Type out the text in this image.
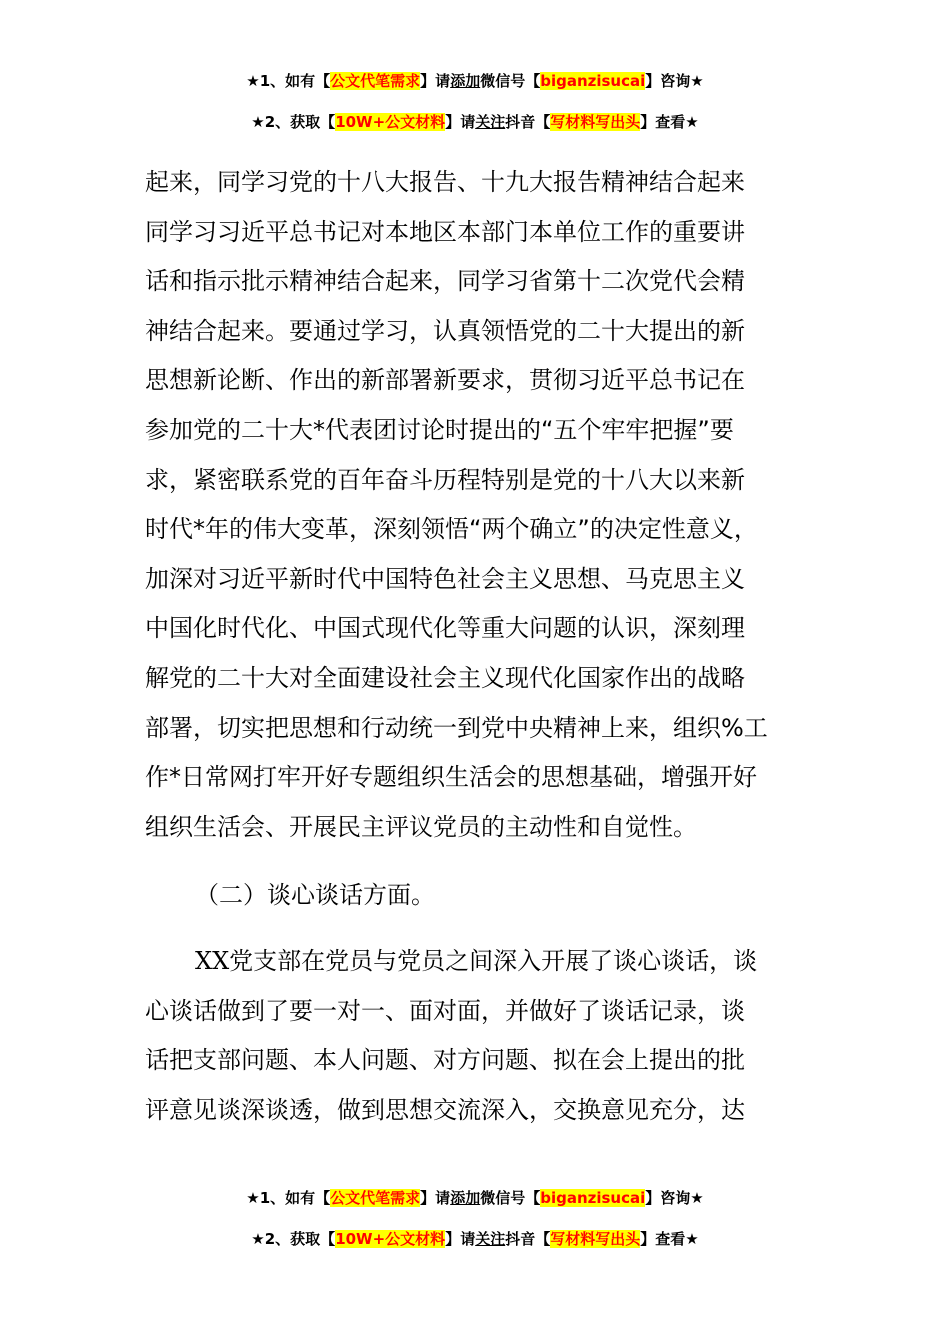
★1、如有【公文代笔需求】请添加微信号【biganzisucai】咨询★
★2、获取【10W+公文材料】请关注抖音【写材料写出头】查看★
起来，同学习党的十八大报告、十九大报告精神结合起来
同学习习近平总书记对本地区本部门本单位工作的重要讲
话和指示批示精神结合起来，同学习省第十二次党代会精
神结合起来。要通过学习，认真领悟党的二十大提出的新
思想新论断、作出的新部署新要求，贯彻习近平总书记在
参加党的二十大*代表团讨论时提出的“五个牢牢把握”要
求，紧密联系党的百年奋斗历程特别是党的十八大以来新
时代*年的伟大变革，深刻领悟“两个确立”的决定性意义，
加深对习近平新时代中国特色社会主义思想、马克思主义
中国化时代化、中国式现代化等重大问题的认识，深刻理
解党的二十大对全面建设社会主义现代化国家作出的战略
部署，切实把思想和行动统一到党中央精神上来，组织%工
作*日常网打牢开好专题组织生活会的思想基础，增强开好
组织生活会、开展民主评议党员的主动性和自觉性。
（二）谈心谈话方面。
XX党支部在党员与党员之间深入开展了谈心谈话，谈
心谈话做到了要一对一、面对面，并做好了谈话记录，谈
话把支部问题、本人问题、对方问题、拟在会上提出的批
评意见谈深谈透，做到思想交流深入，交换意见充分，达
★1、如有【公文代笔需求】请添加微信号【biganzisucai】咨询★
★2、获取【10W+公文材料】请关注抖音【写材料写出头】查看★
